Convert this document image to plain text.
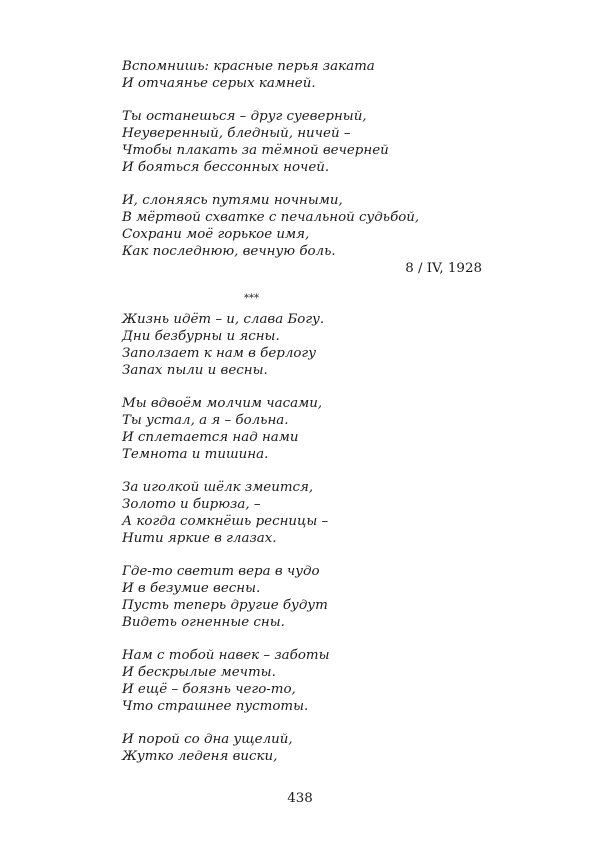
Вспомнишь: красные перья заката
И отчаянье серых камней.
Ты останешься – друг суеверный,
Неуверенный, бледный, ничей –
Чтобы плакать за тёмной вечерней
И бояться бессонных ночей.
И, слоняясь путями ночными,
В мёртвой схватке с печальной судьбой,
Сохрани моё горькое имя,
Как последнюю, вечную боль.
8 / IV, 1928
***
Жизнь идёт – и, слава Богу.
Дни безбурны и ясны.
Заползает к нам в берлогу
Запах пыли и весны.
Мы вдвоём молчим часами,
Ты устал, а я – больна.
И сплетается над нами
Темнота и тишина.
За иголкой шёлк змеится,
Золото и бирюза, –
А когда сомкнёшь ресницы –
Нити яркие в глазах.
Где-то светит вера в чудо
И в безумие весны.
Пусть теперь другие будут
Видеть огненные сны.
Нам с тобой навек – заботы
И бескрылые мечты.
И ещё – боязнь чего-то,
Что страшнее пустоты.
И порой со дна ущелий,
Жутко леденя виски,
438
